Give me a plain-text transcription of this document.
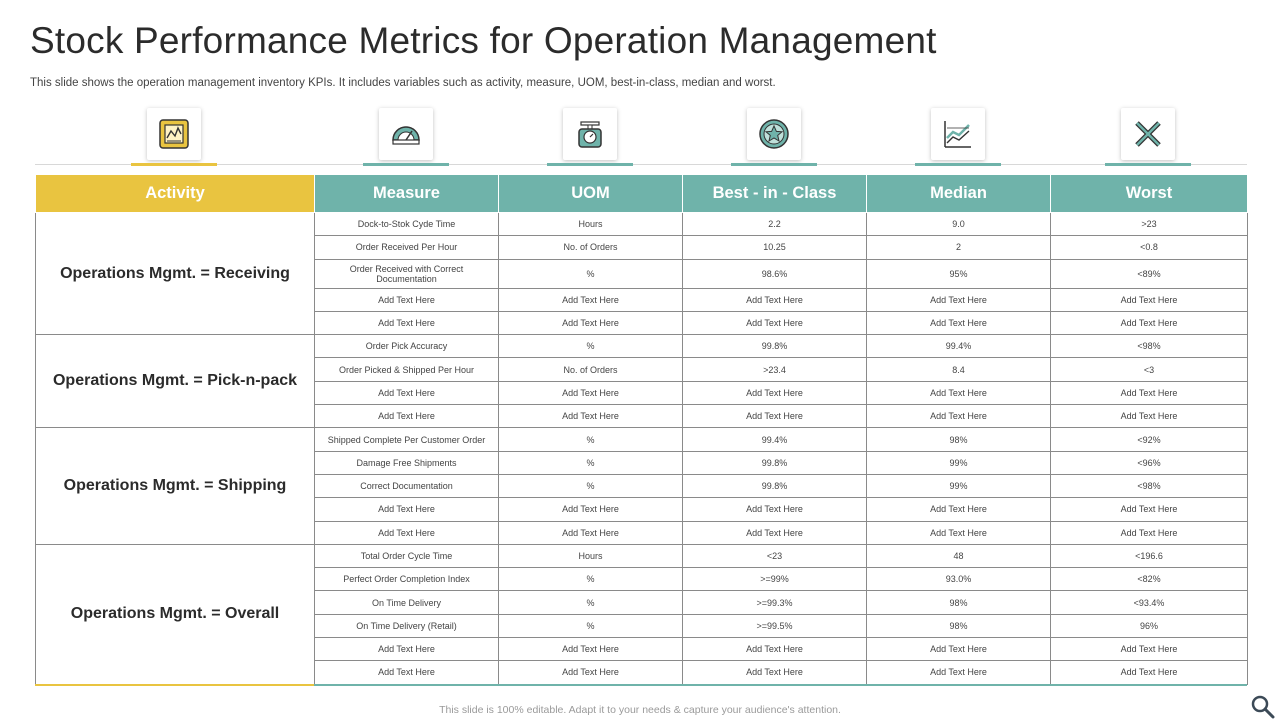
Stock Performance Metrics for Operation Management
This slide shows the operation management inventory KPIs. It includes variables such as activity, measure, UOM, best-in-class, median and worst.
Activity	Measure	UOM	Best - in - Class	Median	Worst
Operations Mgmt. = Receiving	Dock-to-Stok Cyde Time	Hours	2.2	9.0	>23
	Order Received Per Hour	No. of Orders	10.25	2	<0.8
	Order Received with Correct Documentation	%	98.6%	95%	<89%
	Add Text Here	Add Text Here	Add Text Here	Add Text Here	Add Text Here
	Add Text Here	Add Text Here	Add Text Here	Add Text Here	Add Text Here
Operations Mgmt. = Pick-n-pack	Order Pick Accuracy	%	99.8%	99.4%	<98%
	Order Picked & Shipped Per Hour	No. of Orders	>23.4	8.4	<3
	Add Text Here	Add Text Here	Add Text Here	Add Text Here	Add Text Here
	Add Text Here	Add Text Here	Add Text Here	Add Text Here	Add Text Here
Operations Mgmt. = Shipping	Shipped Complete Per Customer Order	%	99.4%	98%	<92%
	Damage Free Shipments	%	99.8%	99%	<96%
	Correct Documentation	%	99.8%	99%	<98%
	Add Text Here	Add Text Here	Add Text Here	Add Text Here	Add Text Here
	Add Text Here	Add Text Here	Add Text Here	Add Text Here	Add Text Here
Operations Mgmt. = Overall	Total Order Cycle Time	Hours	<23	48	<196.6
	Perfect Order Completion Index	%	>=99%	93.0%	<82%
	On Time Delivery	%	>=99.3%	98%	<93.4%
	On Time Delivery (Retail)	%	>=99.5%	98%	96%
	Add Text Here	Add Text Here	Add Text Here	Add Text Here	Add Text Here
	Add Text Here	Add Text Here	Add Text Here	Add Text Here	Add Text Here
This slide is 100% editable. Adapt it to your needs & capture your audience's attention.
